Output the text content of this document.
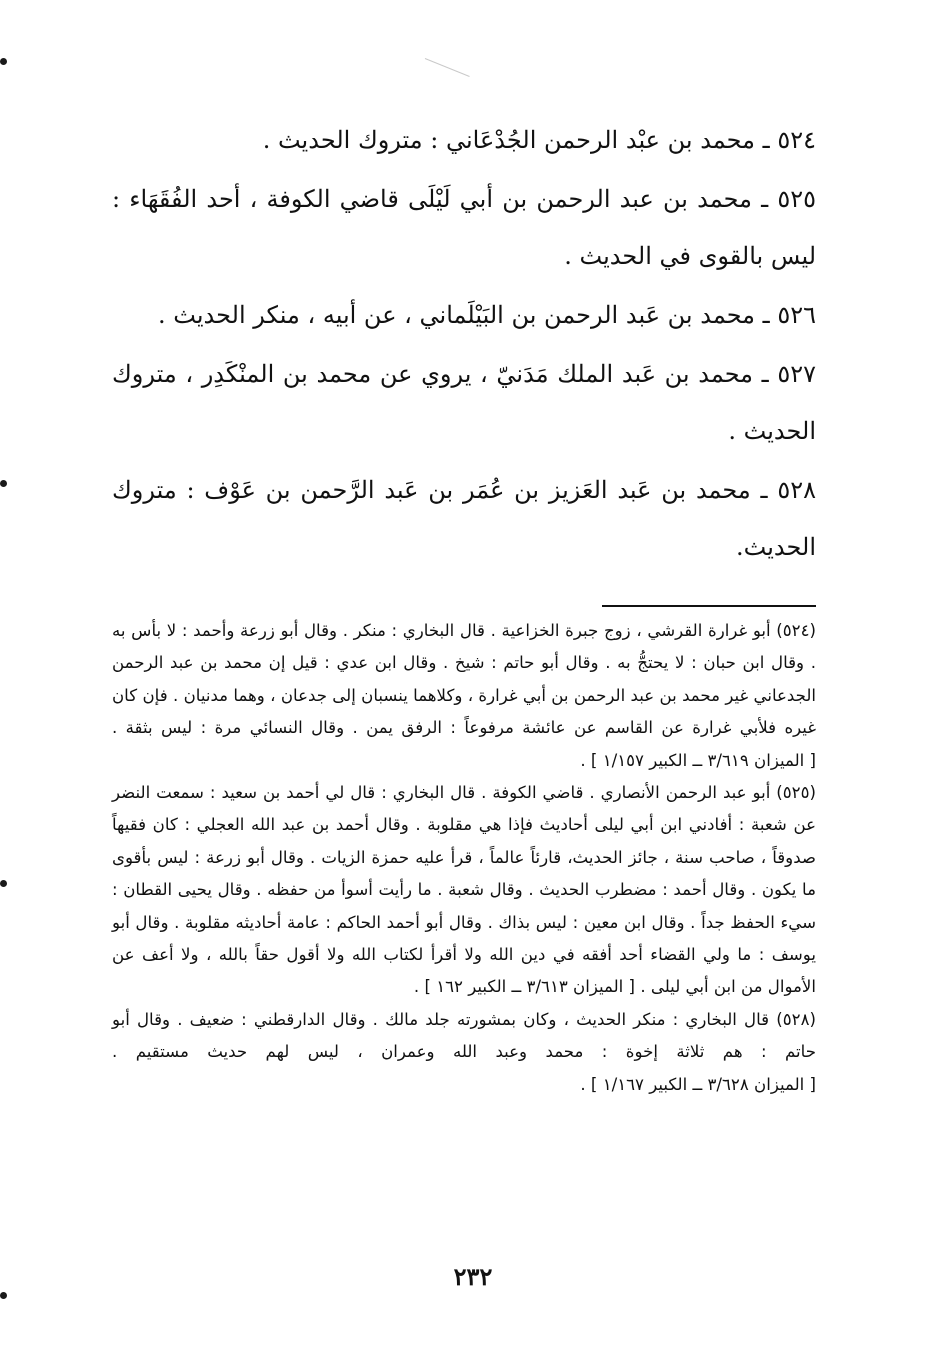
٥٢٤ ـ محمد بن عبْد الرحمن الجُدْعَاني : متروك الحديث .

٥٢٥ ـ محمد بن عبد الرحمن بن أبي لَيْلَى قاضي الكوفة ، أحد الفُقَهَاء : ليس بالقوى في الحديث .

٥٢٦ ـ محمد بن عَبد الرحمن بن البَيْلَماني ، عن أبيه ، منكر الحديث .

٥٢٧ ـ محمد بن عَبد الملك مَدَنيّ ، يروي عن محمد بن المنْكَدِر ، متروك الحديث .

٥٢٨ ـ محمد بن عَبد العَزيز بن عُمَر بن عَبد الرَّحمن بن عَوْف : متروك الحديث.

(٥٢٤) أبو غرارة القرشي ، زوج جبرة الخزاعية . قال البخاري : منكر . وقال أبو زرعة وأحمد : لا بأس به . وقال ابن حبان : لا يحتجُّ به . وقال أبو حاتم : شيخ . وقال ابن عدي : قيل إن محمد بن عبد الرحمن الجدعاني غير محمد بن عبد الرحمن بن أبي غرارة ، وكلاهما ينسبان إلى جدعان ، وهما مدنيان . فإن كان غيره فلأبي غرارة عن القاسم عن عائشة مرفوعاً : الرفق يمن . وقال النسائي مرة : ليس بثقة . [ الميزان ٣/٦١٩ ــ الكبير ١/١٥٧ ] .

(٥٢٥) أبو عبد الرحمن الأنصاري . قاضي الكوفة . قال البخاري : قال لي أحمد بن سعيد : سمعت النضر عن شعبة : أفادني ابن أبي ليلى أحاديث فإذا هي مقلوبة . وقال أحمد بن عبد الله العجلي : كان فقيهاً صدوقاً ، صاحب سنة ، جائز الحديث، قارئاً عالماً ، قرأ عليه حمزة الزيات . وقال أبو زرعة : ليس بأقوى ما يكون . وقال أحمد : مضطرب الحديث . وقال شعبة . ما رأيت أسوأ من حفظه . وقال يحيى القطان : سيء الحفظ جداً . وقال ابن معين : ليس بذاك . وقال أبو أحمد الحاكم : عامة أحاديثه مقلوبة . وقال أبو يوسف : ما ولي القضاء أحد أفقه في دين الله ولا أقرأ لكتاب الله ولا أقول حقاً بالله ، ولا أعف عن الأموال من ابن أبي ليلى . [ الميزان ٣/٦١٣ ــ الكبير ١٦٢ ] .

(٥٢٨) قال البخاري : منكر الحديث ، وكان بمشورته جلد مالك . وقال الدارقطني : ضعيف . وقال أبو حاتم : هم ثلاثة إخوة : محمد وعبد الله وعمران ، ليس لهم حديث مستقيم . [ الميزان ٣/٦٢٨ ــ الكبير ١/١٦٧ ] .

٢٣٢
